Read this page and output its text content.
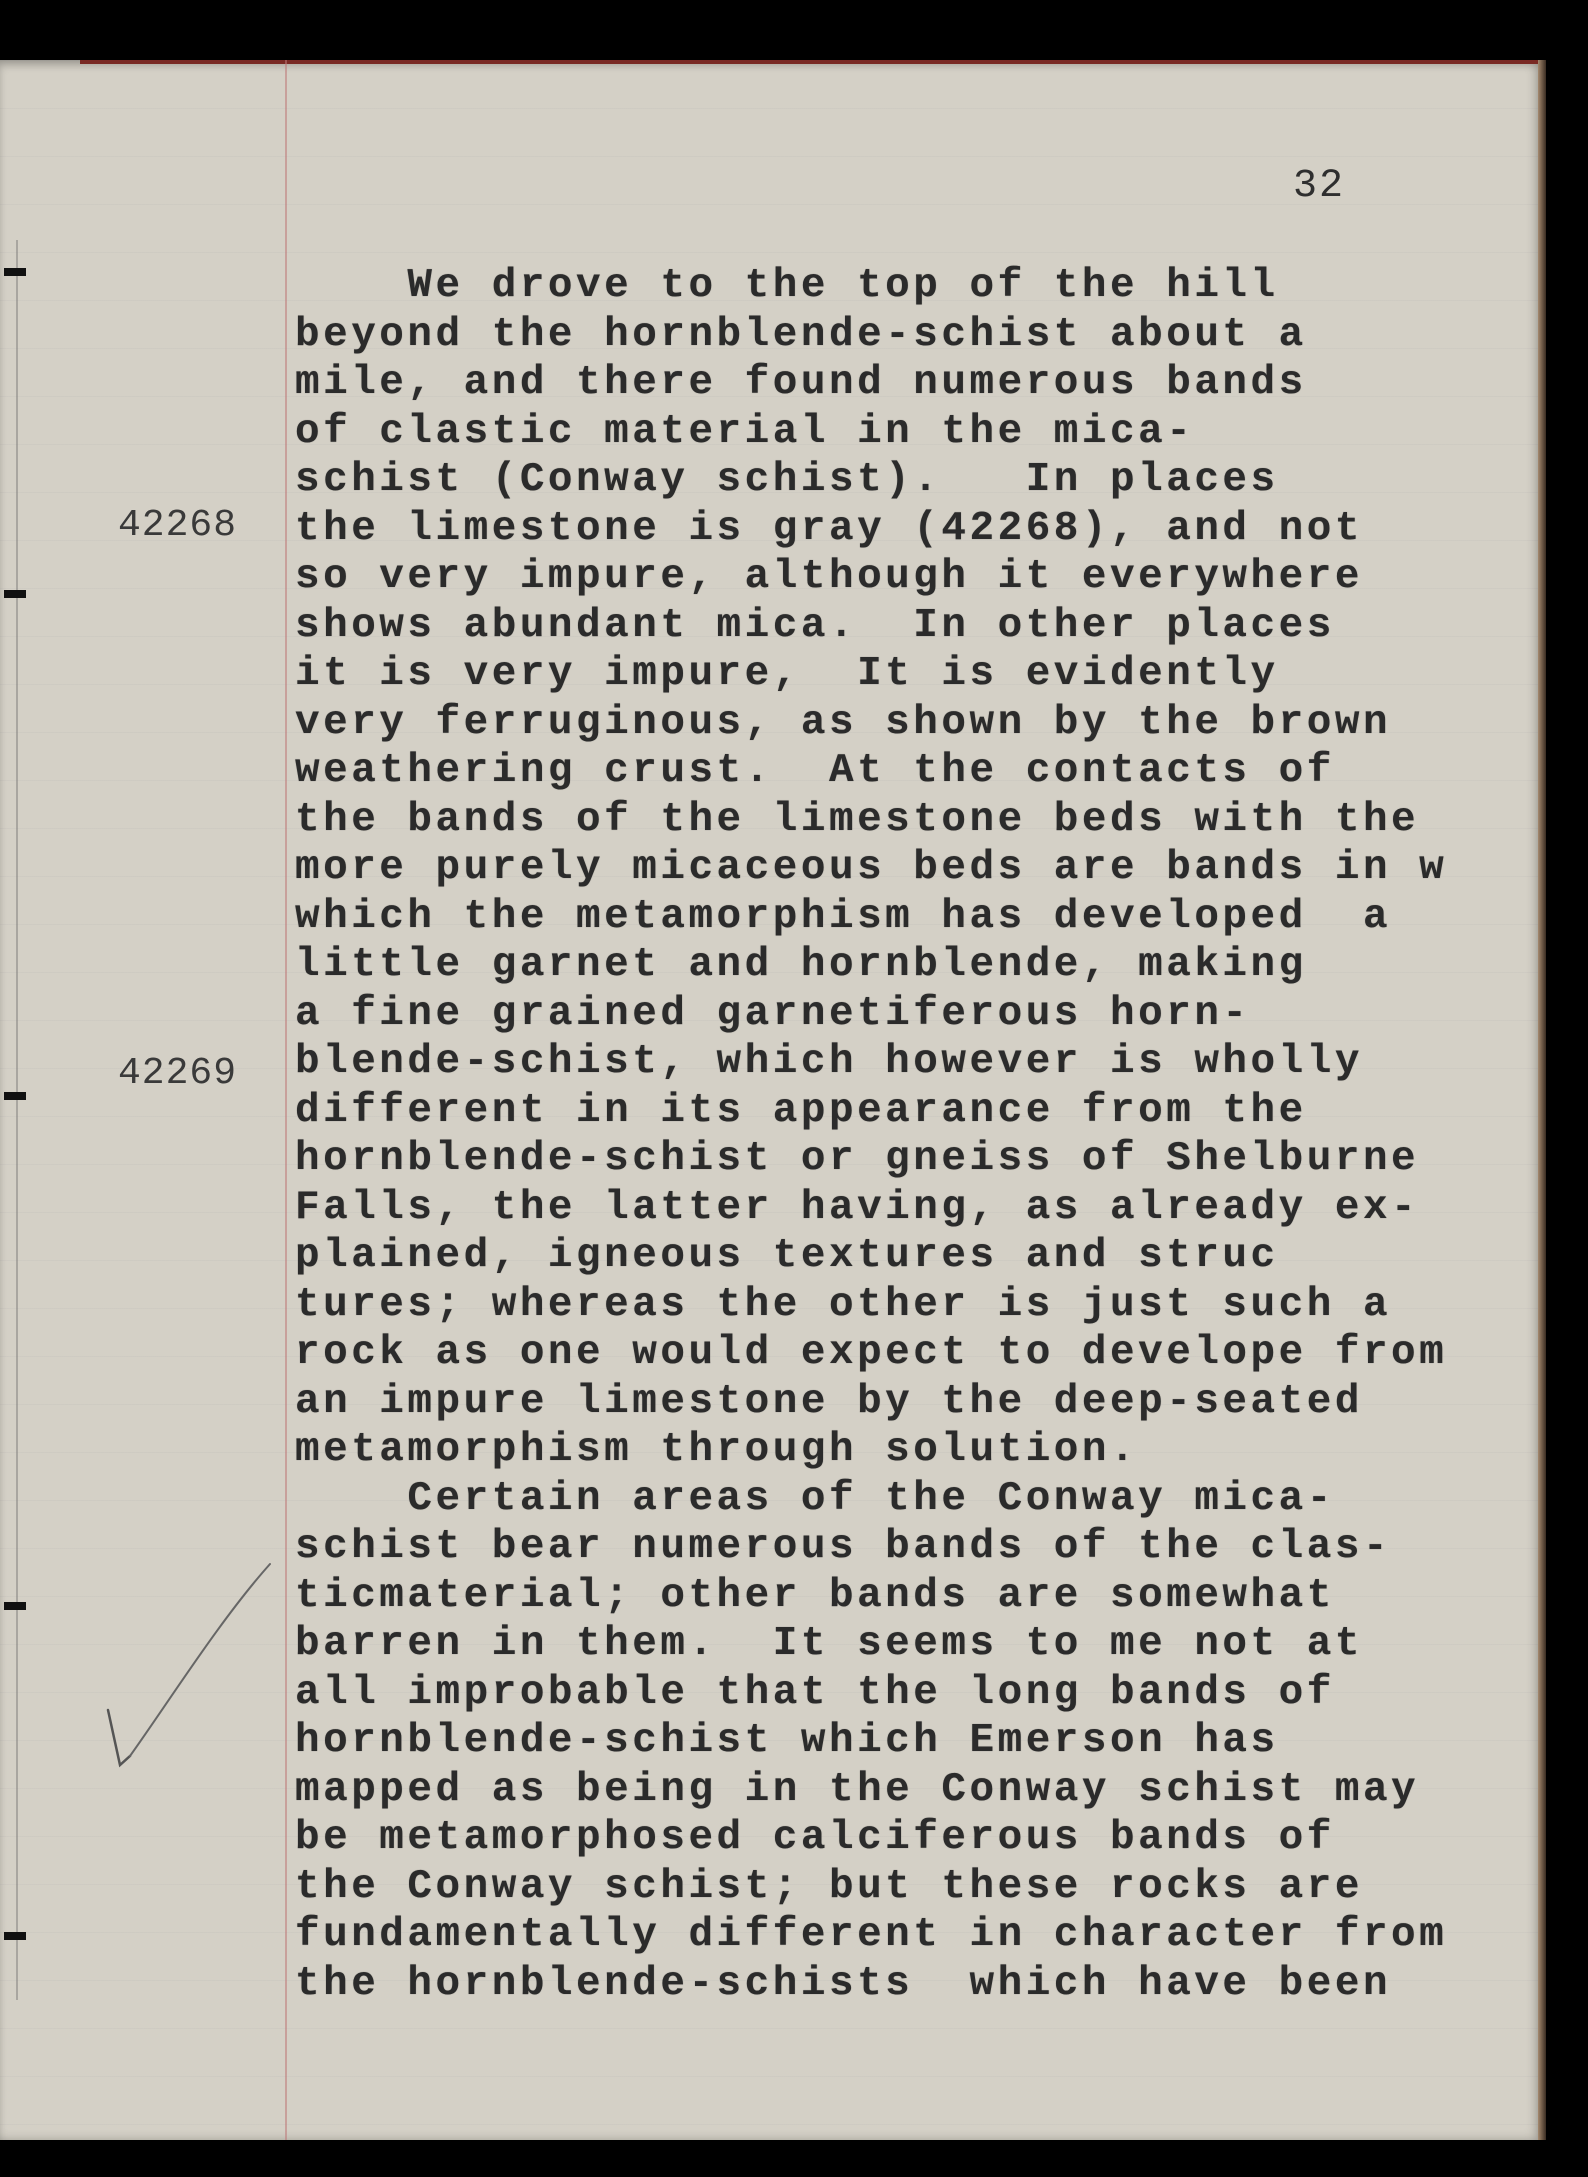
32
42268
42269
We drove to the top of the hill
beyond the hornblende-schist about a
mile, and there found numerous bands
of clastic material in the mica-
schist (Conway schist).   In places
the limestone is gray (42268), and not
so very impure, although it everywhere
shows abundant mica.  In other places
it is very impure,  It is evidently
very ferruginous, as shown by the brown
weathering crust.  At the contacts of
the bands of the limestone beds with the
more purely micaceous beds are bands in w
which the metamorphism has developed  a
little garnet and hornblende, making
a fine grained garnetiferous horn-
blende-schist, which however is wholly
different in its appearance from the
hornblende-schist or gneiss of Shelburne
Falls, the latter having, as already ex-
plained, igneous textures and struc
tures; whereas the other is just such a
rock as one would expect to develope from
an impure limestone by the deep-seated
metamorphism through solution.
Certain areas of the Conway mica-
schist bear numerous bands of the clas-
ticmaterial; other bands are somewhat
barren in them.  It seems to me not at
all improbable that the long bands of
hornblende-schist which Emerson has
mapped as being in the Conway schist may
be metamorphosed calciferous bands of
the Conway schist; but these rocks are
fundamentally different in character from
the hornblende-schists  which have been
